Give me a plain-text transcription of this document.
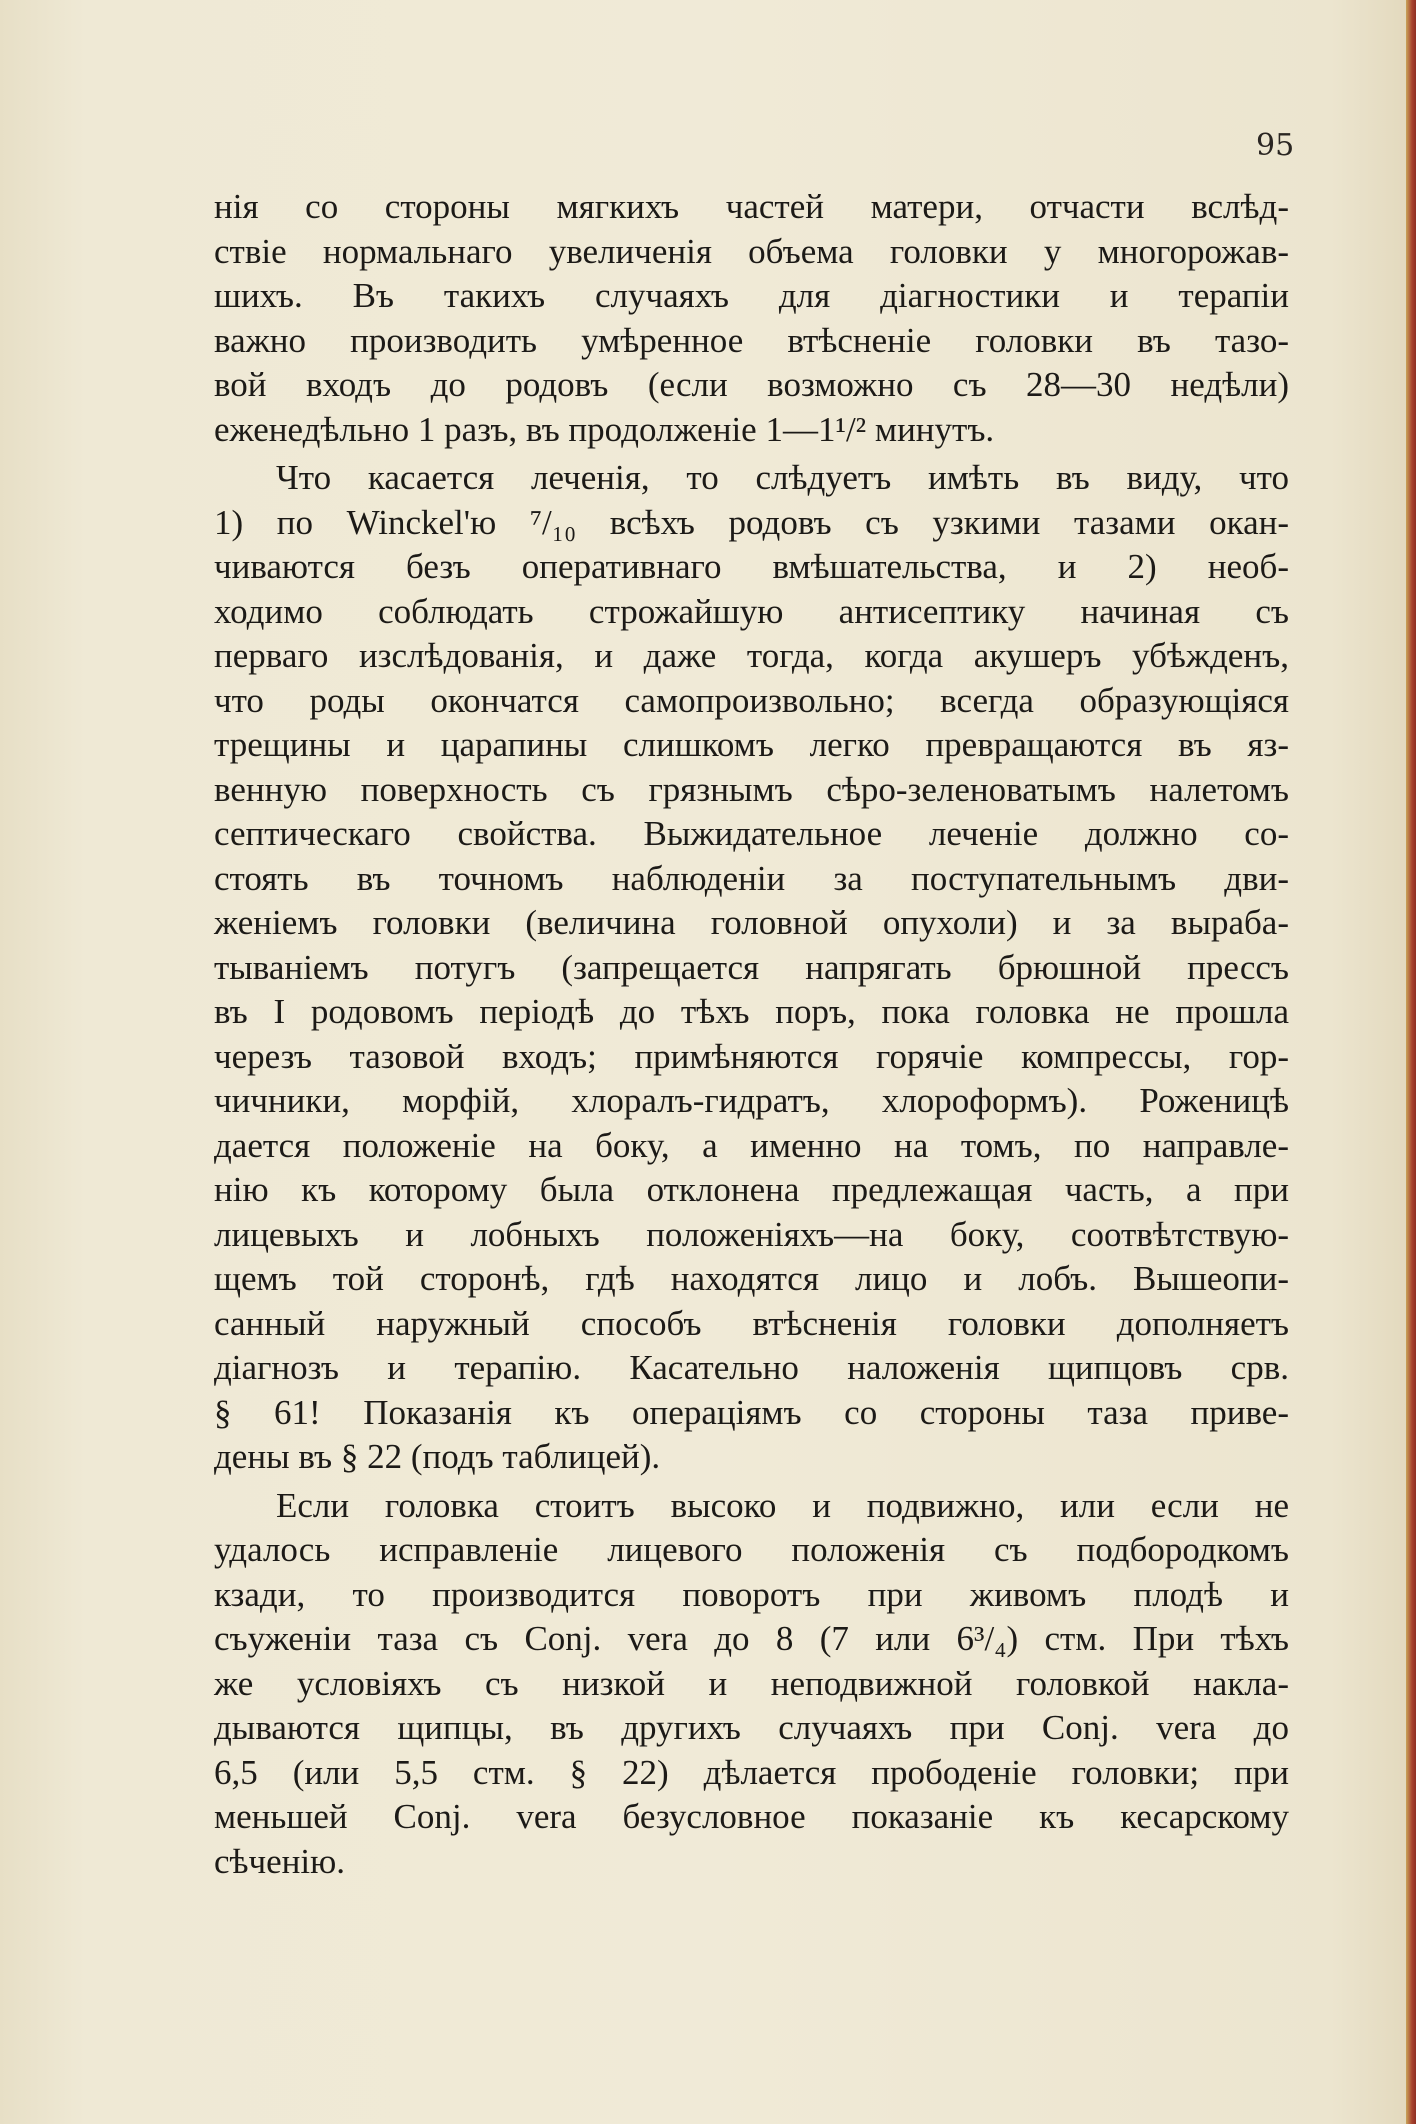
95
нія со стороны мягкихъ частей матери, отчасти вслѣд-
ствіе нормальнаго увеличенія объема головки у многорожав-
шихъ. Въ такихъ случаяхъ для діагностики и терапіи
важно производить умѣренное втѣсненіе головки въ тазо-
вой входъ до родовъ (если возможно съ 28—30 недѣли)
еженедѣльно 1 разъ, въ продолженіе 1—1¹/² минутъ.
Что касается леченія, то слѣдуетъ имѣть въ виду, что
1) по Winckel'ю ⁷/₁₀ всѣхъ родовъ съ узкими тазами окан-
чиваются безъ оперативнаго вмѣшательства, и 2) необ-
ходимо соблюдать строжайшую антисептику начиная съ
перваго изслѣдованія, и даже тогда, когда акушеръ убѣжденъ,
что роды окончатся самопроизвольно; всегда образующіяся
трещины и царапины слишкомъ легко превращаются въ яз-
венную поверхность съ грязнымъ сѣро-зеленоватымъ налетомъ
септическаго свойства. Выжидательное леченіе должно со-
стоять въ точномъ наблюденіи за поступательнымъ дви-
женіемъ головки (величина головной опухоли) и за выраба-
тываніемъ потугъ (запрещается напрягать брюшной прессъ
въ I родовомъ періодѣ до тѣхъ поръ, пока головка не прошла
черезъ тазовой входъ; примѣняются горячіе компрессы, гор-
чичники, морфій, хлоралъ-гидратъ, хлороформъ). Роженицѣ
дается положеніе на боку, а именно на томъ, по направле-
нію къ которому была отклонена предлежащая часть, а при
лицевыхъ и лобныхъ положеніяхъ—на боку, соотвѣтствую-
щемъ той сторонѣ, гдѣ находятся лицо и лобъ. Вышеопи-
санный наружный способъ втѣсненія головки дополняетъ
діагнозъ и терапію. Касательно наложенія щипцовъ срв.
§ 61! Показанія къ операціямъ со стороны таза приве-
дены въ § 22 (подъ таблицей).
Если головка стоитъ высоко и подвижно, или если не
удалось исправленіе лицевого положенія съ подбородкомъ
кзади, то производится поворотъ при живомъ плодѣ и
съуженіи таза съ Conj. vera до 8 (7 или 6³/₄) стм. При тѣхъ
же условіяхъ съ низкой и неподвижной головкой накла-
дываются щипцы, въ другихъ случаяхъ при Conj. vera до
6,5 (или 5,5 стм. § 22) дѣлается прободеніе головки; при
меньшей Conj. vera безусловное показаніе къ кесарскому
сѣченію.
